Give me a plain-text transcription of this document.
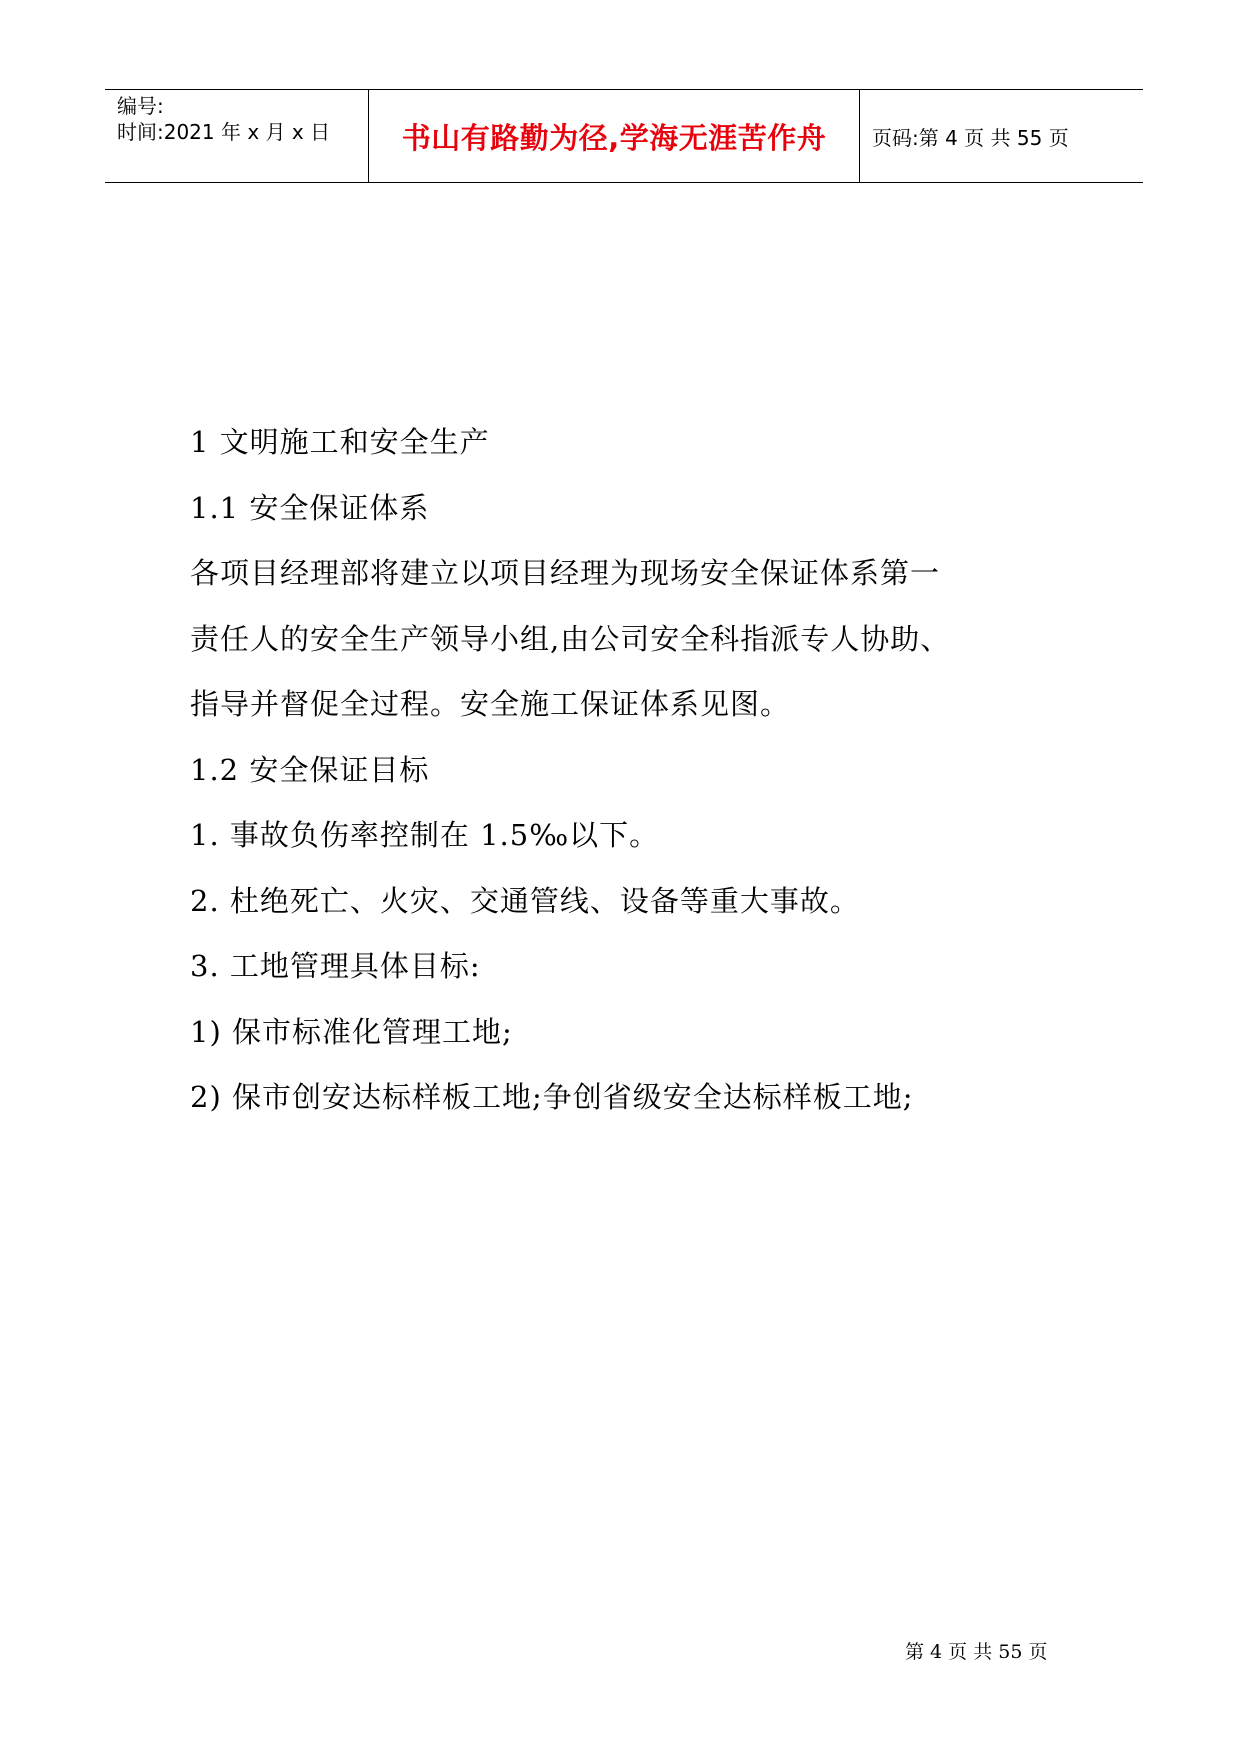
编号:
时间:2021 年 x 月 x 日 书山有路勤为径,学海无涯苦作舟 页码:第 4 页 共 55 页
1 文明施工和安全生产
1.1 安全保证体系
各项目经理部将建立以项目经理为现场安全保证体系第一
责任人的安全生产领导小组,由公司安全科指派专人协助、
指导并督促全过程。安全施工保证体系见图。
1.2 安全保证目标
1. 事故负伤率控制在 1.5‰以下。
2. 杜绝死亡、火灾、交通管线、设备等重大事故。
3. 工地管理具体目标:
1) 保市标准化管理工地;
2) 保市创安达标样板工地;争创省级安全达标样板工地;
第 4 页 共 55 页
